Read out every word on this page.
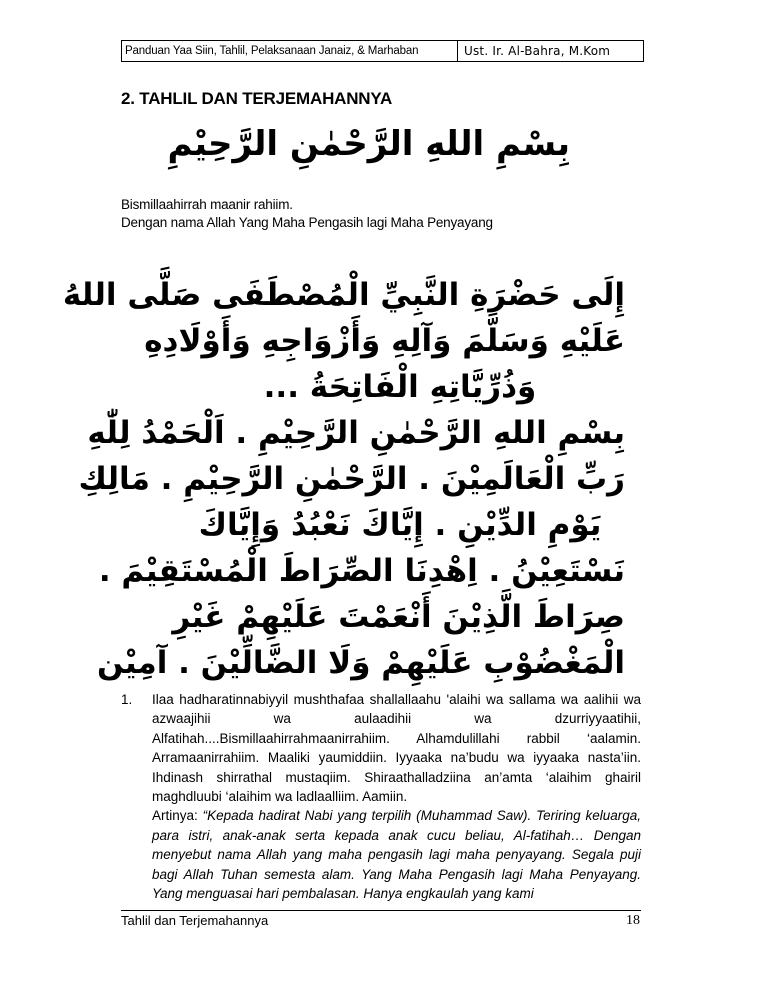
Panduan Yaa Siin, Tahlil, Pelaksanaan Janaiz, & Marhaban	Ust. Ir. Al-Bahra, M.Kom
2. TAHLIL DAN TERJEMAHANNYA
بِسْمِ اللهِ الرَّحْمٰنِ الرَّحِيْمِ
Bismillaahirrah maanir rahiim.
Dengan nama Allah Yang Maha Pengasih lagi Maha Penyayang
إِلَى حَضْرَةِ النَّبِيِّ الْمُصْطَفَى صَلَّى اللهُ
عَلَيْهِ وَسَلَّمَ وَآلِهِ وَأَزْوَاجِهِ وَأَوْلَادِهِ
وَذُرِّيَّاتِهِ الْفَاتِحَةُ ...
بِسْمِ اللهِ الرَّحْمٰنِ الرَّحِيْمِ . اَلْحَمْدُ لِلّٰهِ
رَبِّ الْعَالَمِيْنَ . الرَّحْمٰنِ الرَّحِيْمِ . مَالِكِ
يَوْمِ الدِّيْنِ . إِيَّاكَ نَعْبُدُ وَإِيَّاكَ
نَسْتَعِيْنُ . اِهْدِنَا الصِّرَاطَ الْمُسْتَقِيْمَ .
صِرَاطَ الَّذِيْنَ أَنْعَمْتَ عَلَيْهِمْ غَيْرِ
الْمَغْضُوْبِ عَلَيْهِمْ وَلَا الضَّالِّيْنَ . آمِيْن
1. Ilaa hadharatinnabiyyil mushthafaa shallallaahu 'alaihi wa sallama wa aalihii wa azwaajihii wa aulaadihii wa dzurriyyaatihii, Alfatihah....Bismillaahirrahmaanirrahiim. Alhamdulillahi rabbil ‘aalamin. Arramaanirrahiim. Maaliki yaumiddiin. Iyyaaka na’budu wa iyyaaka nasta’iin. Ihdinash shirrathal mustaqiim. Shiraathalladziina an’amta ‘alaihim ghairil maghdluubi ‘alaihim wa ladlaalliim. Aamiin.

Artinya: “Kepada hadirat Nabi yang terpilih (Muhammad Saw). Teriring keluarga, para istri, anak-anak serta kepada anak cucu beliau, Al-fatihah… Dengan menyebut nama Allah yang maha pengasih lagi maha penyayang. Segala puji bagi Allah Tuhan semesta alam. Yang Maha Pengasih lagi Maha Penyayang. Yang menguasai hari pembalasan. Hanya engkaulah yang kami

Tahlil dan Terjemahannya	18
